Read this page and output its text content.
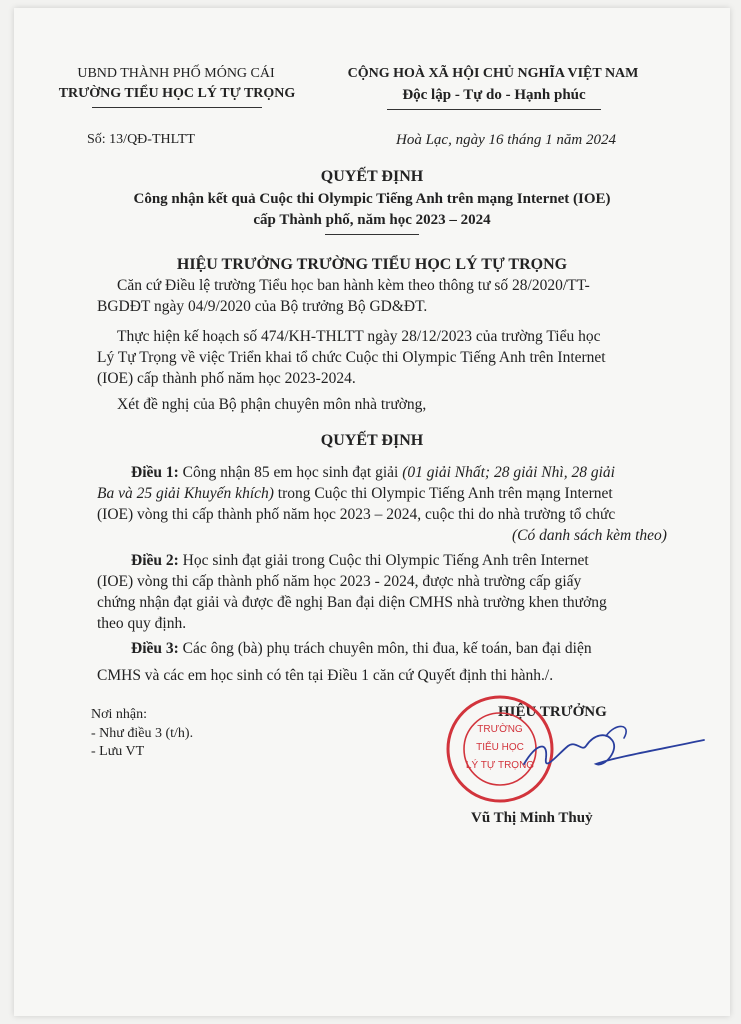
UBND THÀNH PHỐ MÓNG CÁI
TRƯỜNG TIỂU HỌC LÝ TỰ TRỌNG
CỘNG HOÀ XÃ HỘI CHỦ NGHĨA VIỆT NAM
Độc lập - Tự do - Hạnh phúc
Số: 13/QĐ-THLTT	Hoà Lạc, ngày 16 tháng 1 năm 2024
QUYẾT ĐỊNH
Công nhận kết quả Cuộc thi Olympic Tiếng Anh trên mạng Internet (IOE)
cấp Thành phố, năm học 2023 – 2024
HIỆU TRƯỞNG TRƯỜNG TIỂU HỌC LÝ TỰ TRỌNG
Căn cứ Điều lệ trường Tiểu học ban hành kèm theo thông tư số 28/2020/TT-
BGDĐT ngày 04/9/2020 của Bộ trưởng Bộ GD&ĐT.
Thực hiện kế hoạch số 474/KH-THLTT ngày 28/12/2023 của trường Tiểu học
Lý Tự Trọng về việc Triển khai tổ chức Cuộc thi Olympic Tiếng Anh trên Internet
(IOE) cấp thành phố năm học 2023-2024.
Xét đề nghị của Bộ phận chuyên môn nhà trường,
QUYẾT ĐỊNH
Điều 1: Công nhận 85 em học sinh đạt giải (01 giải Nhất; 28 giải Nhì, 28 giải
Ba và 25 giải Khuyến khích) trong Cuộc thi Olympic Tiếng Anh trên mạng Internet
(IOE) vòng thi cấp thành phố năm học 2023 – 2024, cuộc thi do nhà trường tổ chức
(Có danh sách kèm theo)
Điều 2: Học sinh đạt giải trong Cuộc thi Olympic Tiếng Anh trên Internet
(IOE) vòng thi cấp thành phố năm học 2023 - 2024, được nhà trường cấp giấy
chứng nhận đạt giải và được đề nghị Ban đại diện CMHS nhà trường khen thưởng
theo quy định.
Điều 3: Các ông (bà) phụ trách chuyên môn, thi đua, kế toán, ban đại diện
CMHS và các em học sinh có tên tại Điều 1 căn cứ Quyết định thi hành./.
Nơi nhận:
- Như điều 3 (t/h).
- Lưu VT
HIỆU TRƯỞNG
TRƯỜNG
TIỂU HỌC
LÝ TỰ TRỌNG
Vũ Thị Minh Thuỷ
